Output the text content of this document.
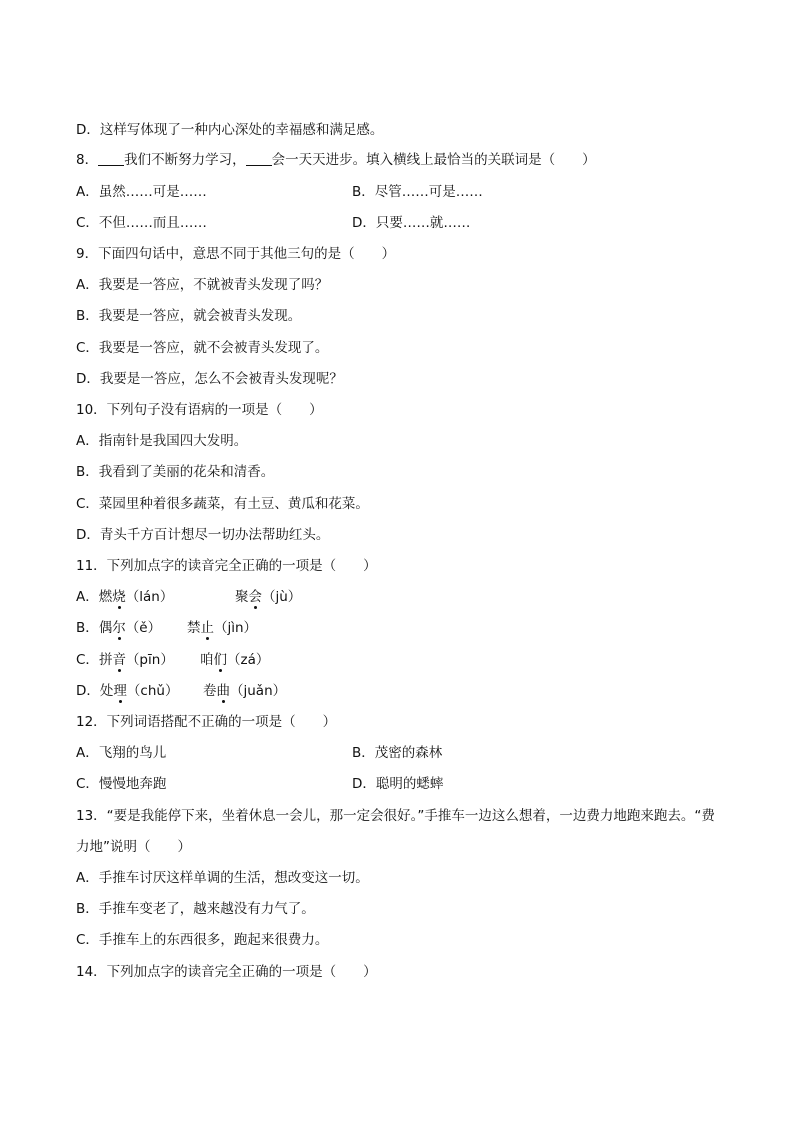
D．这样写体现了一种内心深处的幸福感和满足感。
8． 我们不断努力学习， 会一天天进步。填入横线上最恰当的关联词是（　　）
A．虽然……可是……	B．尽管……可是……
C．不但……而且……	D．只要……就……
9．下面四句话中，意思不同于其他三句的是（　　）
A．我要是一答应，不就被青头发现了吗？
B．我要是一答应，就会被青头发现。
C．我要是一答应，就不会被青头发现了。
D．我要是一答应，怎么不会被青头发现呢？
10．下列句子没有语病的一项是（　　）
A．指南针是我国四大发明。
B．我看到了美丽的花朵和清香。
C．菜园里种着很多蔬菜，有土豆、黄瓜和花菜。
D．青头千方百计想尽一切办法帮助红头。
11．下列加点字的读音完全正确的一项是（　　）
A．燃烧（lán）	聚会（jù）
B．偶尔（ě） 禁止（jìn）
C．拼音（pīn） 咱们（zá）
D．处理（chǔ） 卷曲（juǎn）
12．下列词语搭配不正确的一项是（　　）
A．飞翔的鸟儿	B．茂密的森林
C．慢慢地奔跑	D．聪明的蟋蟀
13．“要是我能停下来，坐着休息一会儿，那一定会很好。”手推车一边这么想着，一边费力地跑来跑去。“费力地”说明（　　）
A．手推车讨厌这样单调的生活，想改变这一切。
B．手推车变老了，越来越没有力气了。
C．手推车上的东西很多，跑起来很费力。
14．下列加点字的读音完全正确的一项是（　　）
